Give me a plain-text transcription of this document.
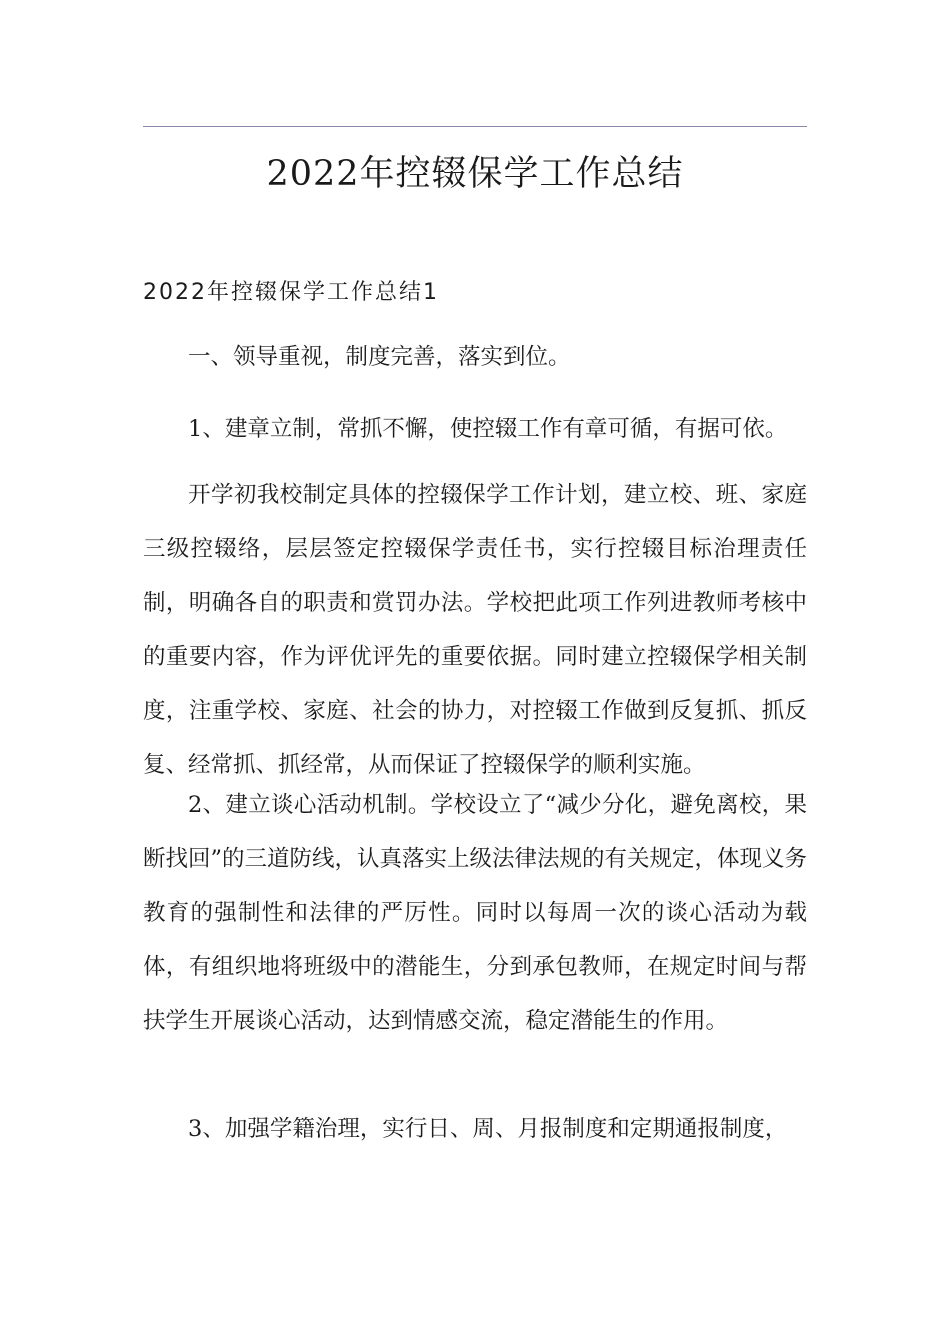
2022年控辍保学工作总结
2022年控辍保学工作总结1

一、领导重视，制度完善，落实到位。

1、建章立制，常抓不懈，使控辍工作有章可循，有据可依。

开学初我校制定具体的控辍保学工作计划，建立校、班、家庭三级控辍络，层层签定控辍保学责任书，实行控辍目标治理责任制，明确各自的职责和赏罚办法。学校把此项工作列进教师考核中的重要内容，作为评优评先的重要依据。同时建立控辍保学相关制度，注重学校、家庭、社会的协力，对控辍工作做到反复抓、抓反复、经常抓、抓经常，从而保证了控辍保学的顺利实施。

2、建立谈心活动机制。学校设立了“减少分化，避免离校，果断找回”的三道防线，认真落实上级法律法规的有关规定，体现义务教育的强制性和法律的严厉性。同时以每周一次的谈心活动为载体，有组织地将班级中的潜能生，分到承包教师，在规定时间与帮扶学生开展谈心活动，达到情感交流，稳定潜能生的作用。

3、加强学籍治理，实行日、周、月报制度和定期通报制度，
